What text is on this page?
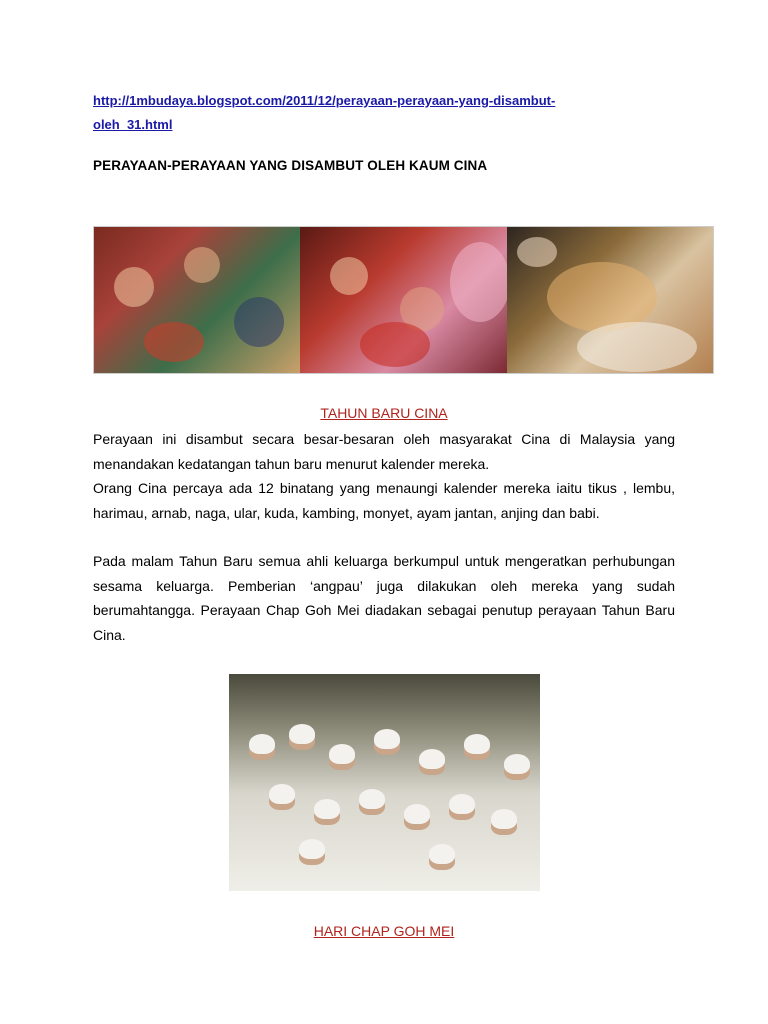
http://1mbudaya.blogspot.com/2011/12/perayaan-perayaan-yang-disambut-
oleh_31.html
PERAYAAN-PERAYAAN YANG DISAMBUT OLEH KAUM CINA
TAHUN BARU CINA

Perayaan ini disambut secara besar-besaran oleh masyarakat Cina di Malaysia yang menandakan kedatangan tahun baru menurut kalender mereka.

Orang Cina percaya ada 12 binatang yang menaungi kalender mereka iaitu tikus , lembu, harimau, arnab, naga, ular, kuda, kambing, monyet, ayam jantan, anjing dan babi.

Pada malam Tahun Baru semua ahli keluarga berkumpul untuk mengeratkan perhubungan sesama keluarga. Pemberian ‘angpau’ juga dilakukan oleh mereka yang sudah berumahtangga. Perayaan Chap Goh Mei diadakan sebagai penutup perayaan Tahun Baru Cina.

HARI CHAP GOH MEI
